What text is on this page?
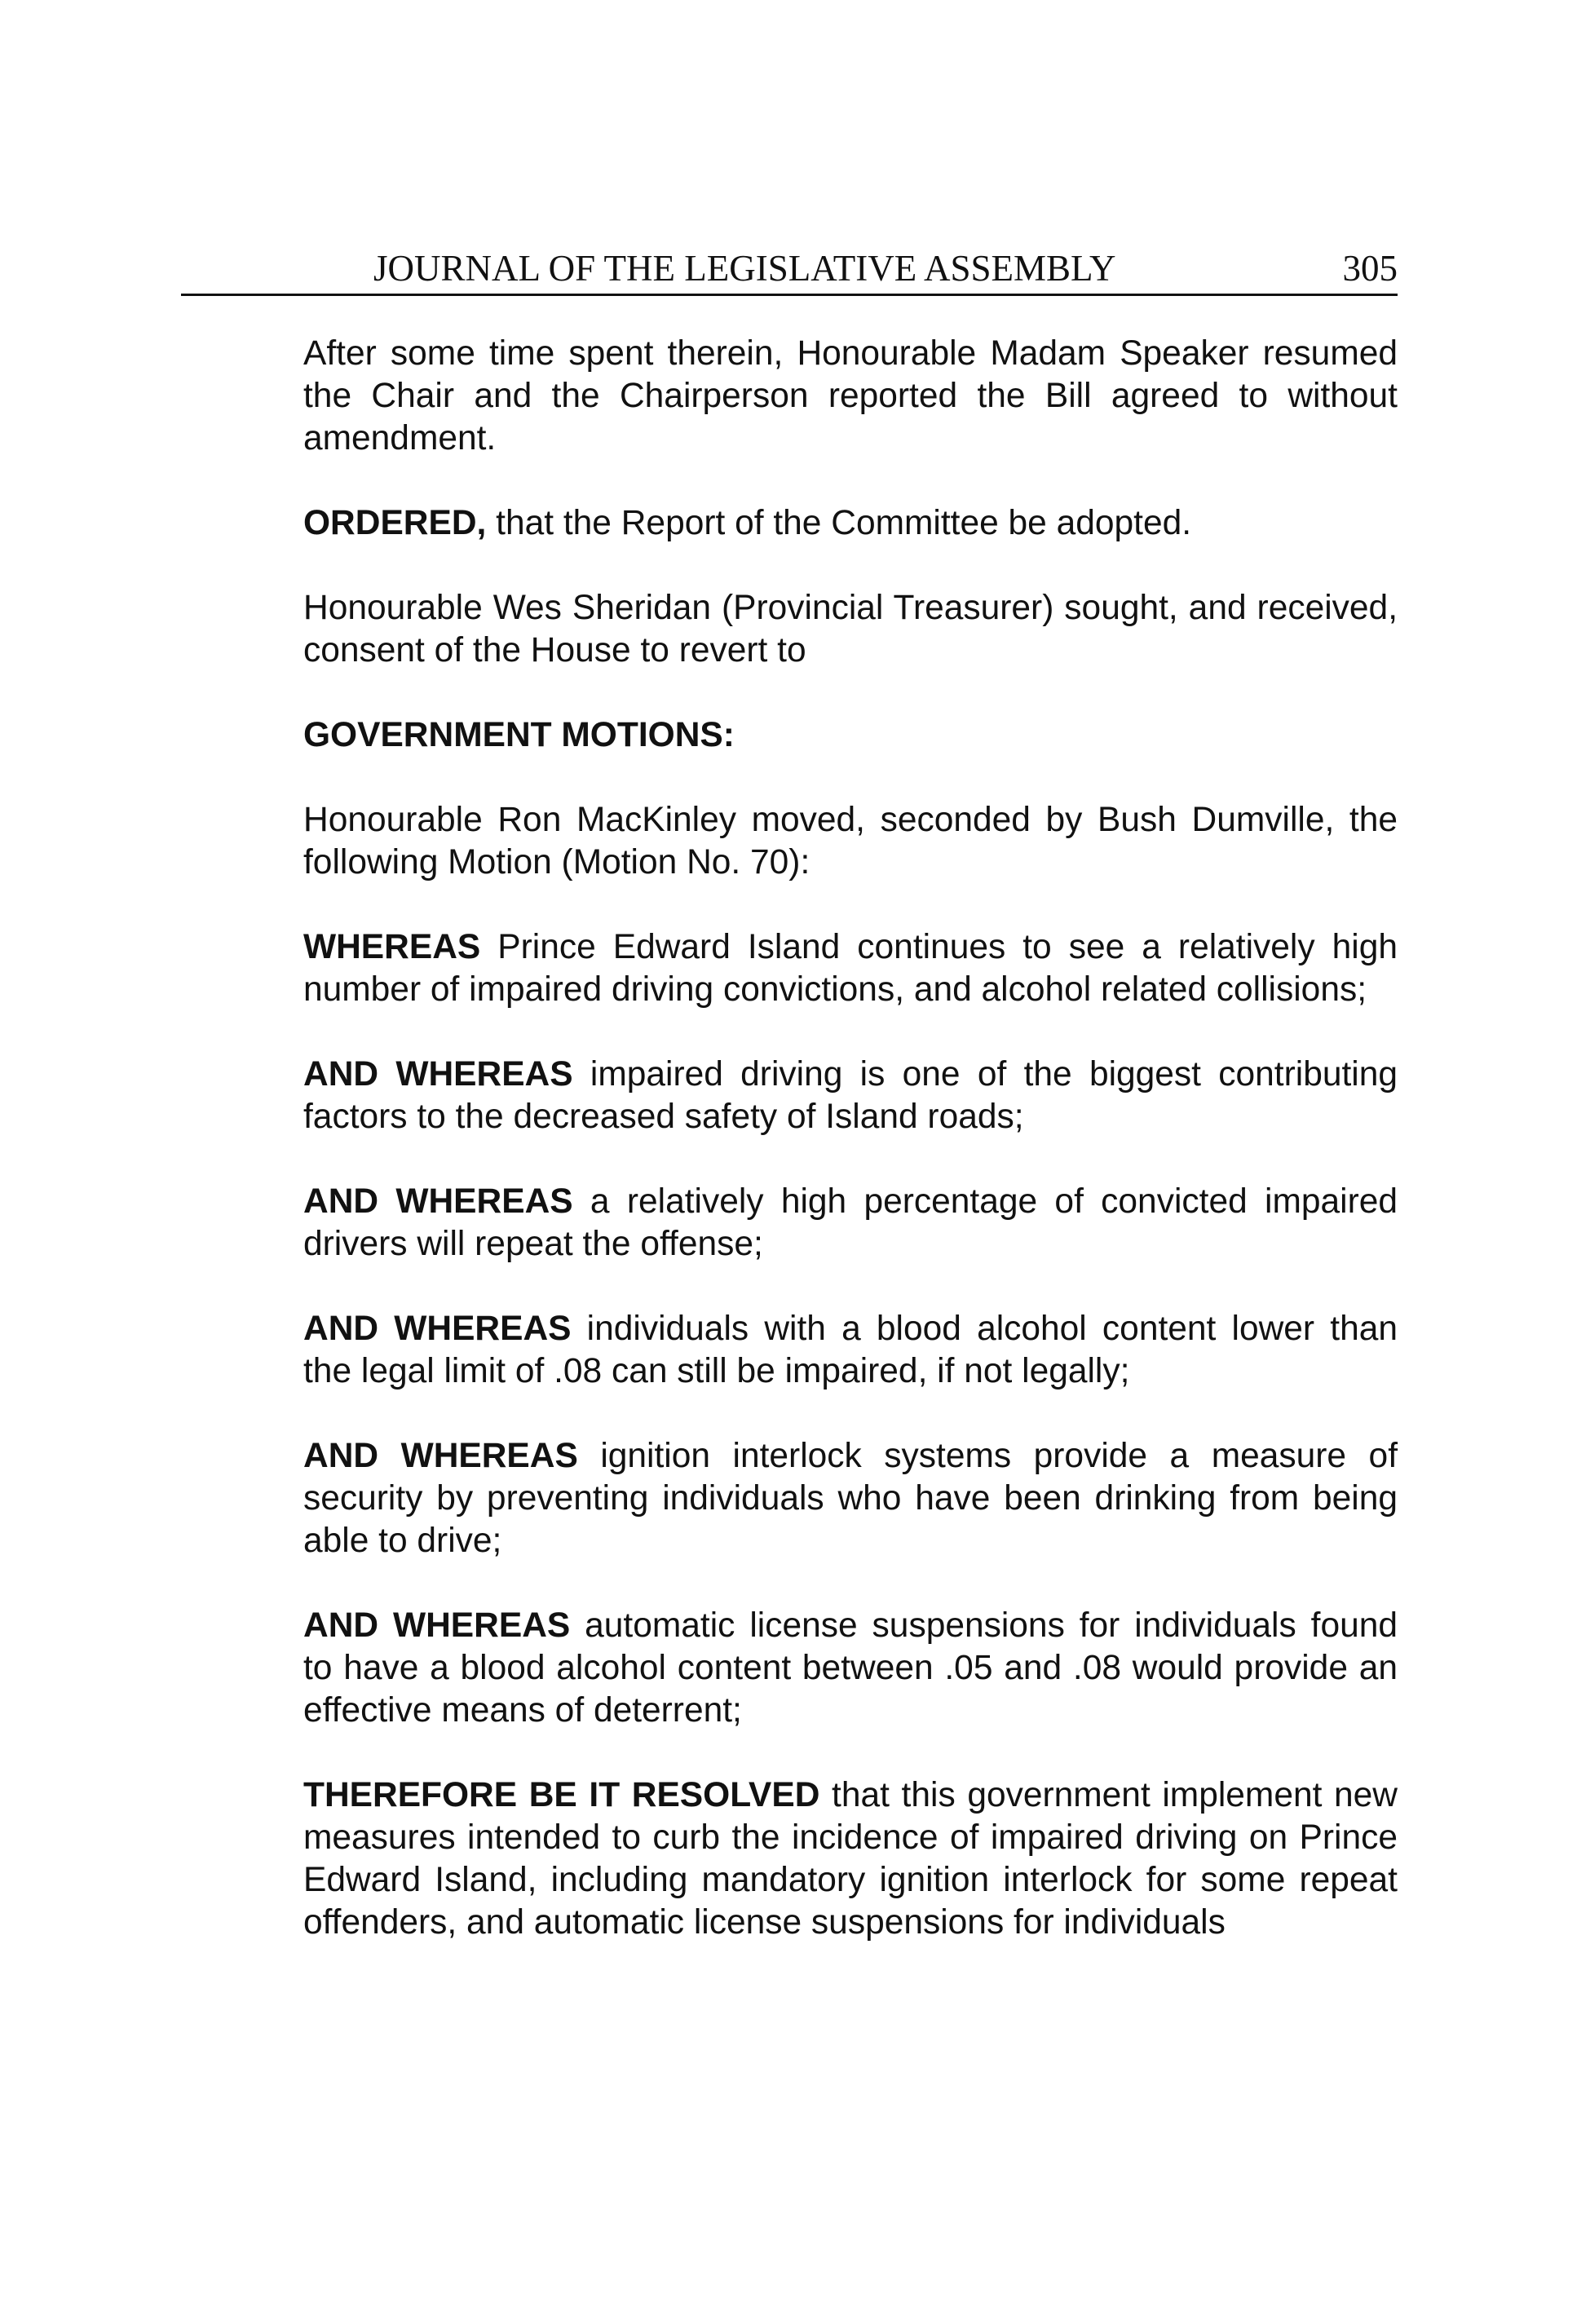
JOURNAL OF THE LEGISLATIVE ASSEMBLY	305

After some time spent therein, Honourable Madam Speaker resumed the Chair and the Chairperson reported the Bill agreed to without amendment.

ORDERED, that the Report of the Committee be adopted.

Honourable Wes Sheridan (Provincial Treasurer) sought, and received, consent of the House to revert to

GOVERNMENT MOTIONS:

Honourable Ron MacKinley moved, seconded by Bush Dumville, the following Motion (Motion No. 70):

WHEREAS Prince Edward Island continues to see a relatively high number of impaired driving convictions, and alcohol related collisions;

AND WHEREAS impaired driving is one of the biggest contributing factors to the decreased safety of Island roads;

AND WHEREAS a relatively high percentage of convicted impaired drivers will repeat the offense;

AND WHEREAS individuals with a blood alcohol content lower than the legal limit of .08 can still be impaired, if not legally;

AND WHEREAS ignition interlock systems provide a measure of security by preventing individuals who have been drinking from being able to drive;

AND WHEREAS automatic license suspensions for individuals found to have a blood alcohol content between .05 and .08 would provide an effective means of deterrent;

THEREFORE BE IT RESOLVED that this government implement new measures intended to curb the incidence of impaired driving on Prince Edward Island, including mandatory ignition interlock for some repeat offenders, and automatic license suspensions for individuals
